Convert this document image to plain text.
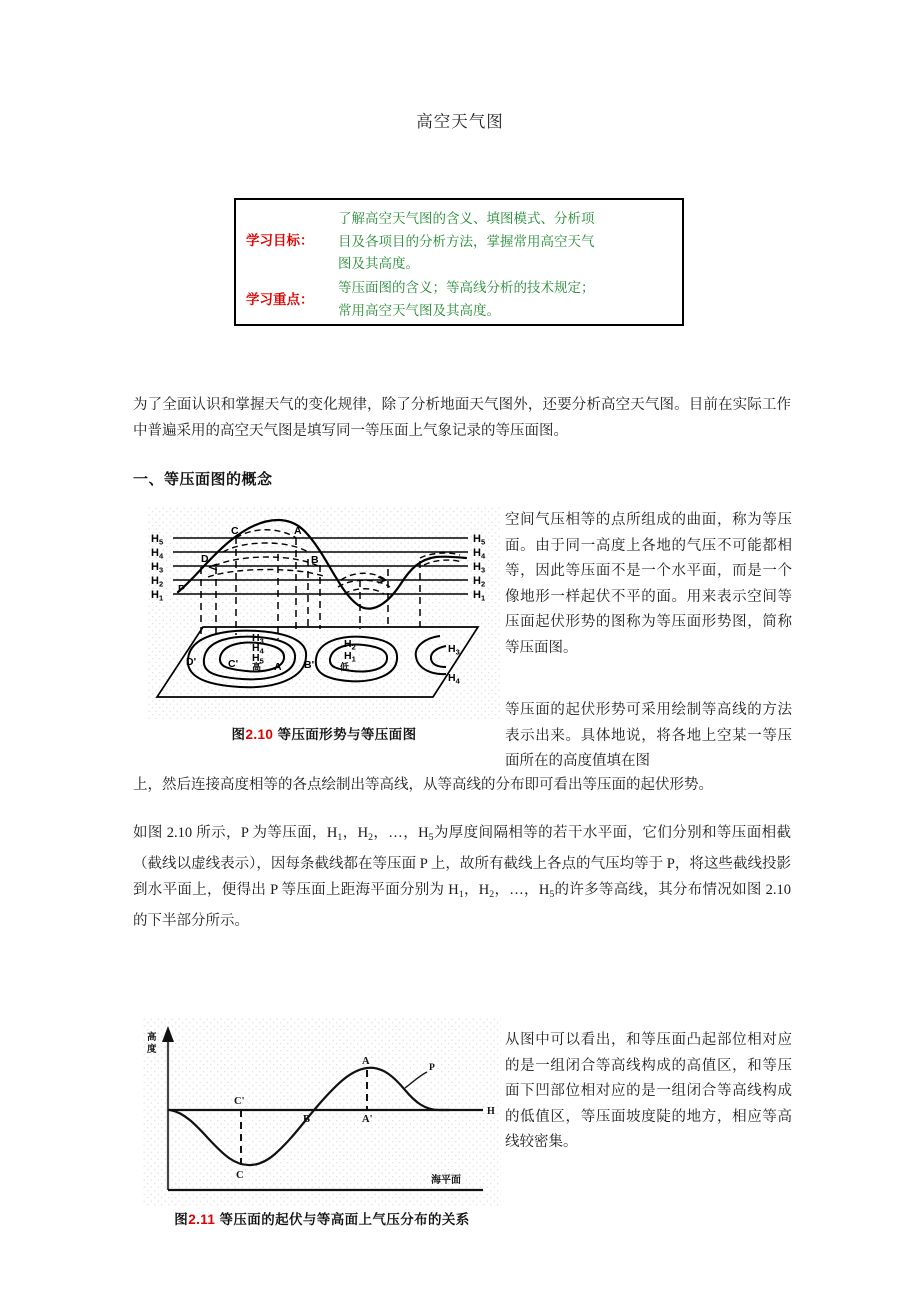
高空天气图
学习目标：
了解高空天气图的含义、填图模式、分析项
目及各项目的分析方法，掌握常用高空天气
图及其高度。
学习重点：
等压面图的含义；等高线分析的技术规定；
常用高空天气图及其高度。
为了全面认识和掌握天气的变化规律，除了分析地面天气图外，还要分析高空天气图。目前在实际工作中普遍采用的高空天气图是填写同一等压面上气象记录的等压面图。
一、等压面图的概念
$H_5$
$H_4$
$H_3$
$H_2$
$H_1$
$H_5$
$H_4$
$H_3$
$H_2$
$H_1$
C	A
D	B
P
$H_3$
$H_4$
$H_5$
$H_2$
$H_1$
$H_3$
$H_4$
D'	C'	A B'
高	低
图2.10 等压面形势与等压面图
空间气压相等的点所组成的曲面，称为等压面。由于同一高度上各地的气压不可能都相等，因此等压面不是一个水平面，而是一个像地形一样起伏不平的面。用来表示空间等压面起伏形势的图称为等压面形势图，简称等压面图。
等压面的起伏形势可采用绘制等高线的方法表示出来。具体地说，将各地上空某一等压面所在的高度值填在图
上，然后连接高度相等的各点绘制出等高线，从等高线的分布即可看出等压面的起伏形势。
如图 2.10 所示，P 为等压面，$H_1$，$H_2$，…，$H_5$为厚度间隔相等的若干水平面，它们分别和等压面相截（截线以虚线表示），因每条截线都在等压面 P 上，故所有截线上各点的气压均等于 P，将这些截线投影到水平面上，便得出 P 等压面上距海平面分别为 $H_1$，$H_2$，…，$H_5$的许多等高线，其分布情况如图 2.10 的下半部分所示。
高
度
H
海平面
A
A'
B
C
C'
P
图2.11 等压面的起伏与等高面上气压分布的关系
从图中可以看出，和等压面凸起部位相对应的是一组闭合等高线构成的高值区，和等压面下凹部位相对应的是一组闭合等高线构成的低值区，等压面坡度陡的地方，相应等高线较密集。
